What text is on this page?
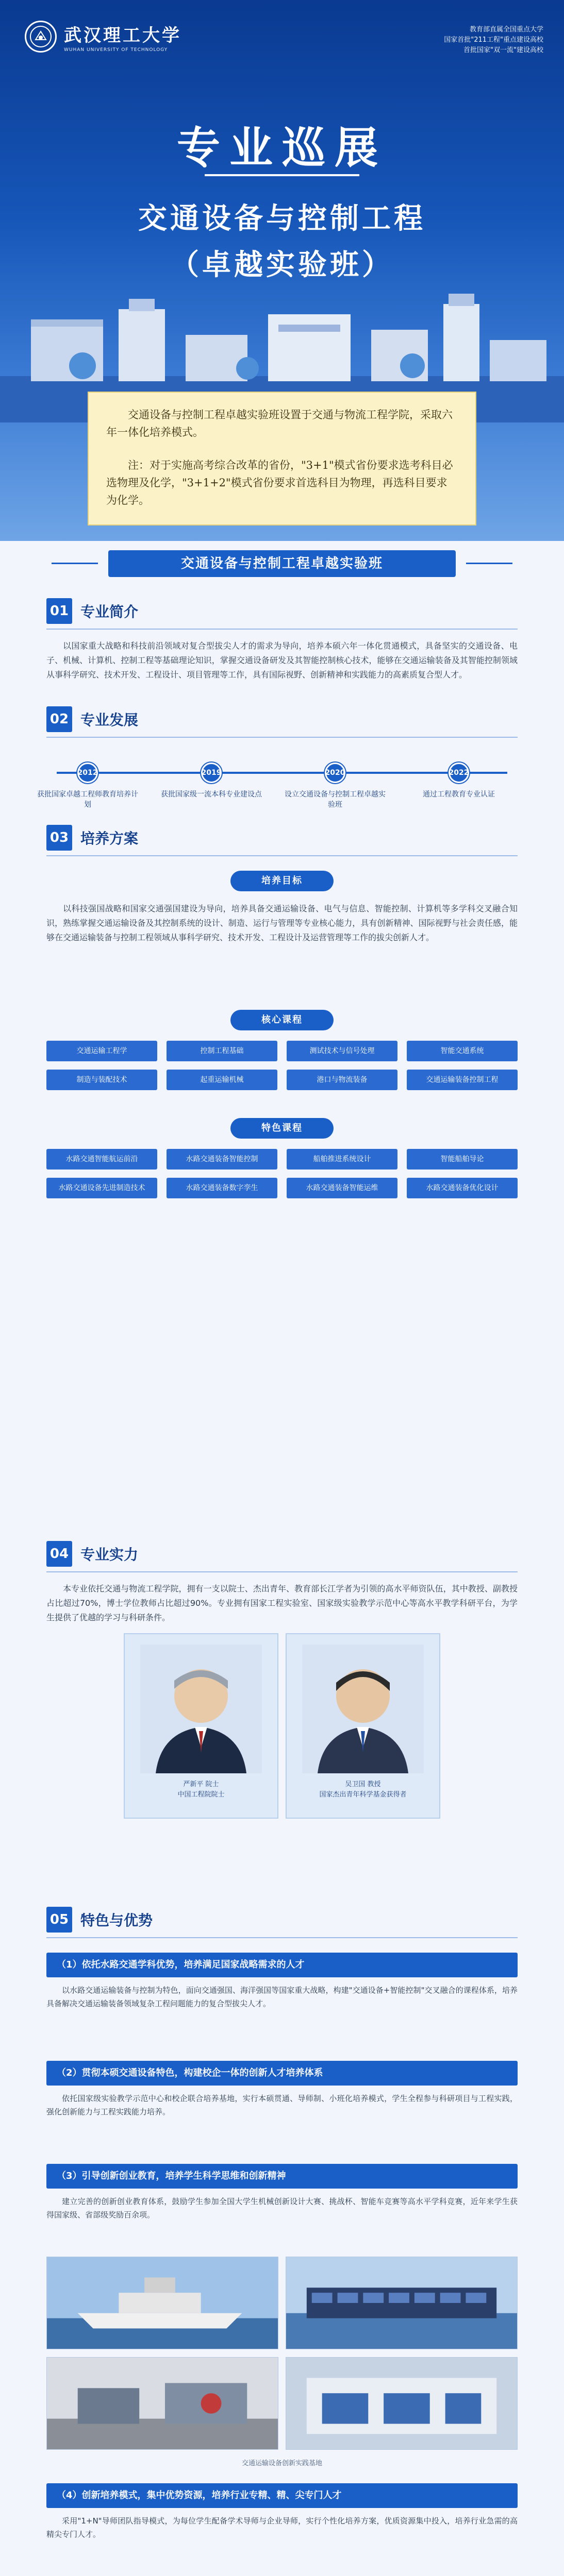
武汉理工大学
WUHAN UNIVERSITY OF TECHNOLOGY
教育部直属全国重点大学
国家首批"211工程"重点建设高校
首批国家"双一流"建设高校
专业巡展
交通设备与控制工程
（卓越实验班）

交通设备与控制工程卓越实验班设置于交通与物流工程学院，采取六年一体化培养模式。

注：对于实施高考综合改革的省份，"3+1"模式省份要求选考科目必选物理及化学，"3+1+2"模式省份要求首选科目为物理，再选科目要求为化学。

交通设备与控制工程卓越实验班
01 专业简介
以国家重大战略和科技前沿领域对复合型拔尖人才的需求为导向，培养本硕六年一体化贯通模式，具备坚实的交通设备、电子、机械、计算机、控制工程等基础理论知识，掌握交通设备研发及其智能控制核心技术，能够在交通运输装备及其智能控制领域从事科学研究、技术开发、工程设计、项目管理等工作，具有国际视野、创新精神和实践能力的高素质复合型人才。
02 专业发展
2012
获批国家卓越工程师教育培养计划
2019
获批国家级一流本科专业建设点
2020
设立交通设备与控制工程卓越实验班
2022
通过工程教育专业认证
03 培养方案
培养目标
以科技强国战略和国家交通强国建设为导向，培养具备交通运输设备、电气与信息、智能控制、计算机等多学科交叉融合知识，熟练掌握交通运输设备及其控制系统的设计、制造、运行与管理等专业核心能力，具有创新精神、国际视野与社会责任感，能够在交通运输装备与控制工程领域从事科学研究、技术开发、工程设计及运营管理等工作的拔尖创新人才。
核心课程
交通运输工程学	控制工程基础	测试技术与信号处理	智能交通系统
制造与装配技术	起重运输机械	港口与物流装备	交通运输装备控制工程
特色课程
水路交通智能航运前沿	水路交通装备智能控制	船舶推进系统设计	智能船舶导论
水路交通设备先进制造技术	水路交通装备数字孪生	水路交通装备智能运维	水路交通装备优化设计
04 专业实力
本专业依托交通与物流工程学院，拥有一支以院士、杰出青年、教育部长江学者为引领的高水平师资队伍，其中教授、副教授占比超过70%，博士学位教师占比超过90%。专业拥有国家工程实验室、国家级实验教学示范中心等高水平教学科研平台，为学生提供了优越的学习与科研条件。
严新平 院士
中国工程院院士
吴卫国 教授
国家杰出青年科学基金获得者
05 特色与优势
（1）依托水路交通学科优势，培养满足国家战略需求的人才
以水路交通运输装备与控制为特色，面向交通强国、海洋强国等国家重大战略，构建"交通设备+智能控制"交叉融合的课程体系，培养具备解决交通运输装备领域复杂工程问题能力的复合型拔尖人才。
（2）贯彻本硕交通设备特色，构建校企一体的创新人才培养体系
依托国家级实验教学示范中心和校企联合培养基地，实行本硕贯通、导师制、小班化培养模式，学生全程参与科研项目与工程实践，强化创新能力与工程实践能力培养。
（3）引导创新创业教育，培养学生科学思维和创新精神
建立完善的创新创业教育体系，鼓励学生参加全国大学生机械创新设计大赛、挑战杯、智能车竞赛等高水平学科竞赛，近年来学生获得国家级、省部级奖励百余项。
交通运输设备创新实践基地
（4）创新培养模式，集中优势资源，培养行业专精、精、尖专门人才
采用"1+N"导师团队指导模式，为每位学生配备学术导师与企业导师，实行个性化培养方案，优质资源集中投入，培养行业急需的高精尖专门人才。
